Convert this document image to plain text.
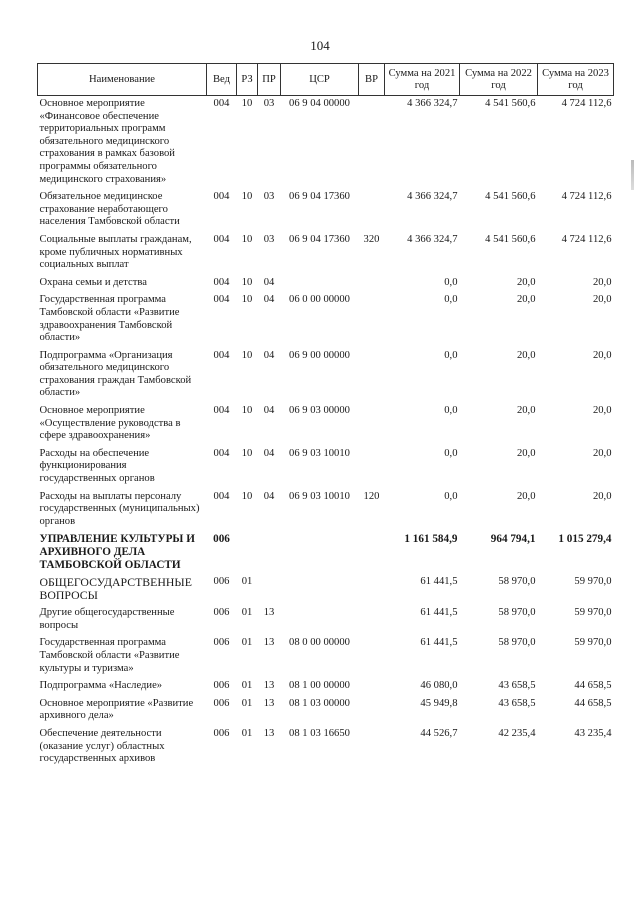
104
Наименование	Вед	РЗ	ПР	ЦСР	ВР	Сумма на 2021 год	Сумма на 2022 год	Сумма на 2023 год
Основное мероприятие «Финансовое обеспечение территориальных программ обязательного медицинского страхования в рамках базовой программы обязательного медицинского страхования»	004	10	03	06 9 04 00000		4 366 324,7	4 541 560,6	4 724 112,6
Обязательное медицинское страхование неработающего населения Тамбовской области	004	10	03	06 9 04 17360		4 366 324,7	4 541 560,6	4 724 112,6
Социальные выплаты гражданам, кроме публичных нормативных социальных выплат	004	10	03	06 9 04 17360	320	4 366 324,7	4 541 560,6	4 724 112,6
Охрана семьи и детства	004	10	04			0,0	20,0	20,0
Государственная программа Тамбовской области «Развитие здравоохранения Тамбовской области»	004	10	04	06 0 00 00000		0,0	20,0	20,0
Подпрограмма «Организация обязательного медицинского страхования граждан Тамбовской области»	004	10	04	06 9 00 00000		0,0	20,0	20,0
Основное мероприятие «Осуществление руководства в сфере здравоохранения»	004	10	04	06 9 03 00000		0,0	20,0	20,0
Расходы на обеспечение функционирования государственных органов	004	10	04	06 9 03 10010		0,0	20,0	20,0
Расходы на выплаты персоналу государственных (муниципальных) органов	004	10	04	06 9 03 10010	120	0,0	20,0	20,0
УПРАВЛЕНИЕ КУЛЬТУРЫ И АРХИВНОГО ДЕЛА ТАМБОВСКОЙ ОБЛАСТИ	006					1 161 584,9	964 794,1	1 015 279,4
ОБЩЕГОСУДАРСТВЕННЫЕ ВОПРОСЫ	006	01				61 441,5	58 970,0	59 970,0
Другие общегосударственные вопросы	006	01	13			61 441,5	58 970,0	59 970,0
Государственная программа Тамбовской области «Развитие культуры и туризма»	006	01	13	08 0 00 00000		61 441,5	58 970,0	59 970,0
Подпрограмма «Наследие»	006	01	13	08 1 00 00000		46 080,0	43 658,5	44 658,5
Основное мероприятие «Развитие архивного дела»	006	01	13	08 1 03 00000		45 949,8	43 658,5	44 658,5
Обеспечение деятельности (оказание услуг) областных государственных архивов	006	01	13	08 1 03 16650		44 526,7	42 235,4	43 235,4
